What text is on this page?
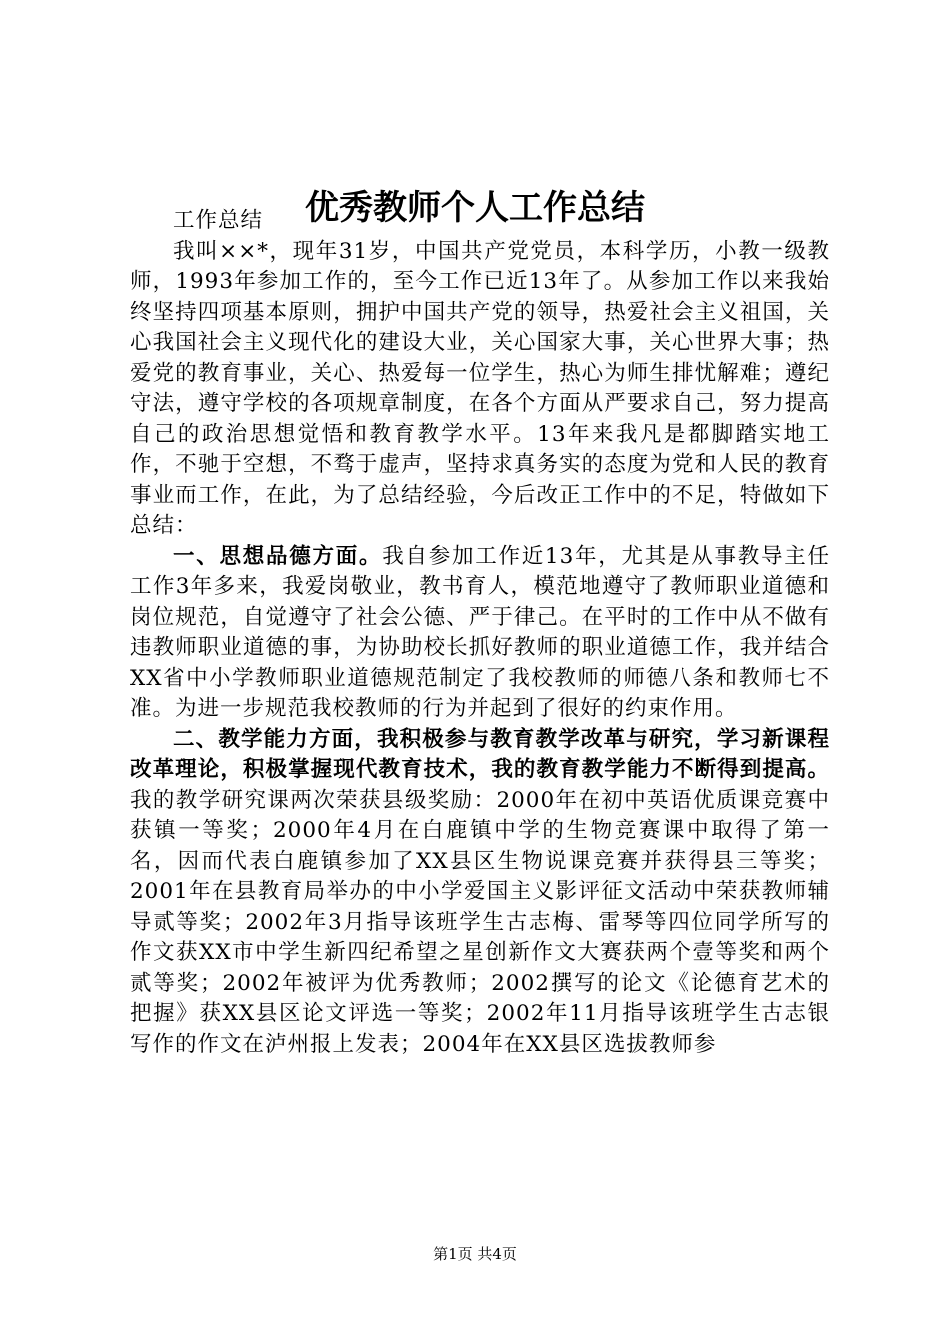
优秀教师个人工作总结

工作总结

我叫××*，现年31岁，中国共产党党员，本科学历，小教一级教师，1993年参加工作的，至今工作已近13年了。从参加工作以来我始终坚持四项基本原则，拥护中国共产党的领导，热爱社会主义祖国，关心我国社会主义现代化的建设大业，关心国家大事，关心世界大事；热爱党的教育事业，关心、热爱每一位学生，热心为师生排忧解难；遵纪守法，遵守学校的各项规章制度，在各个方面从严要求自己，努力提高自己的政治思想觉悟和教育教学水平。13年来我凡是都脚踏实地工作，不驰于空想，不骛于虚声，坚持求真务实的态度为党和人民的教育事业而工作，在此，为了总结经验，今后改正工作中的不足，特做如下总结：

一、思想品德方面。我自参加工作近13年，尤其是从事教导主任工作3年多来，我爱岗敬业，教书育人，模范地遵守了教师职业道德和岗位规范，自觉遵守了社会公德、严于律己。在平时的工作中从不做有违教师职业道德的事，为协助校长抓好教师的职业道德工作，我并结合XX省中小学教师职业道德规范制定了我校教师的师德八条和教师七不准。为进一步规范我校教师的行为并起到了很好的约束作用。

二、教学能力方面，我积极参与教育教学改革与研究，学习新课程改革理论，积极掌握现代教育技术，我的教育教学能力不断得到提高。我的教学研究课两次荣获县级奖励：2000年在初中英语优质课竞赛中获镇一等奖；2000年4月在白鹿镇中学的生物竞赛课中取得了第一名，因而代表白鹿镇参加了XX县区生物说课竞赛并获得县三等奖；2001年在县教育局举办的中小学爱国主义影评征文活动中荣获教师辅导贰等奖；2002年3月指导该班学生古志梅、雷琴等四位同学所写的作文获XX市中学生新四纪希望之星创新作文大赛获两个壹等奖和两个贰等奖；2002年被评为优秀教师；2002撰写的论文《论德育艺术的把握》获XX县区论文评选一等奖；2002年11月指导该班学生古志银写作的作文在泸州报上发表；2004年在XX县区选拔教师参

第1页 共4页
